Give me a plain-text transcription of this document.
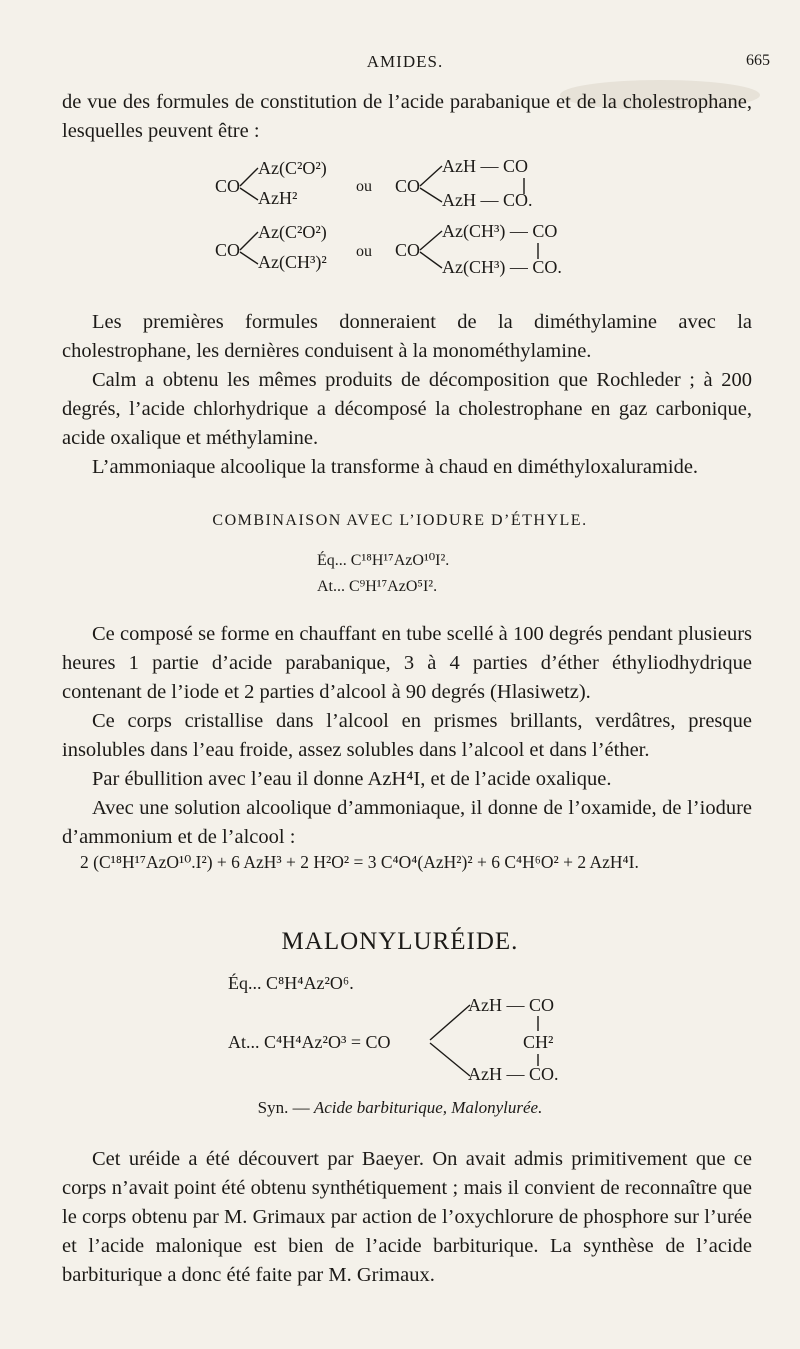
AMIDES.	665

de vue des formules de constitution de l’acide parabanique et de la cholestrophane, lesquelles peuvent être :

CO
Az(C²O²)
AzH²
ou CO
AzH — CO
AzH — CO.
CO
Az(C²O²)
Az(CH³)²
ou CO
Az(CH³) — CO
Az(CH³) — CO.

Les premières formules donneraient de la diméthylamine avec la cholestrophane, les dernières conduisent à la monométhylamine.

Calm a obtenu les mêmes produits de décomposition que Rochleder ; à 200 degrés, l’acide chlorhydrique a décomposé la cholestrophane en gaz carbonique, acide oxalique et méthylamine.

L’ammoniaque alcoolique la transforme à chaud en diméthyloxaluramide.

COMBINAISON AVEC L’IODURE D’ÉTHYLE.
Éq... C¹⁸H¹⁷AzO¹⁰I².
At... C⁹H¹⁷AzO⁵I².

Ce composé se forme en chauffant en tube scellé à 100 degrés pendant plusieurs heures 1 partie d’acide parabanique, 3 à 4 parties d’éther éthyliodhydrique contenant de l’iode et 2 parties d’alcool à 90 degrés (Hlasiwetz).

Ce corps cristallise dans l’alcool en prismes brillants, verdâtres, presque insolubles dans l’eau froide, assez solubles dans l’alcool et dans l’éther.

Par ébullition avec l’eau il donne AzH⁴I, et de l’acide oxalique.

Avec une solution alcoolique d’ammoniaque, il donne de l’oxamide, de l’iodure d’ammonium et de l’alcool :

2 (C¹⁸H¹⁷AzO¹⁰.I²) + 6 AzH³ + 2 H²O² = 3 C⁴O⁴(AzH²)² + 6 C⁴H⁶O² + 2 AzH⁴I.
MALONYLURÉIDE.
Éq... C⁸H⁴Az²O⁶.
At... C⁴H⁴Az²O³ = CO
AzH — CO
CH²
AzH — CO.
Syn. — Acide barbiturique, Malonylurée.

Cet uréide a été découvert par Baeyer. On avait admis primitivement que ce corps n’avait point été obtenu synthétiquement ; mais il convient de reconnaître que le corps obtenu par M. Grimaux par action de l’oxychlorure de phosphore sur l’urée et l’acide malonique est bien de l’acide barbiturique. La synthèse de l’acide barbiturique a donc été faite par M. Grimaux.
